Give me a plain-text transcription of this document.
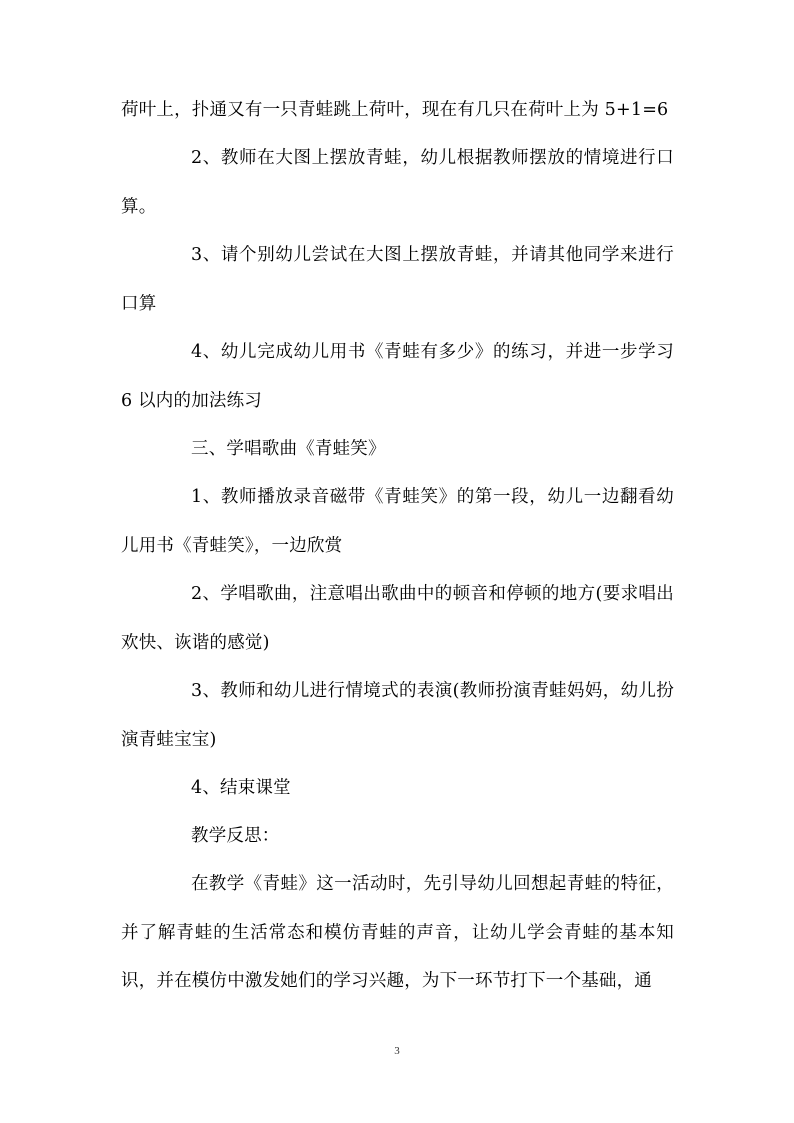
荷叶上，扑通又有一只青蛙跳上荷叶，现在有几只在荷叶上为 5+1=6

2、教师在大图上摆放青蛙，幼儿根据教师摆放的情境进行口算。

3、请个别幼儿尝试在大图上摆放青蛙，并请其他同学来进行口算

4、幼儿完成幼儿用书《青蛙有多少》的练习，并进一步学习 6 以内的加法练习

三、学唱歌曲《青蛙笑》

1、教师播放录音磁带《青蛙笑》的第一段，幼儿一边翻看幼儿用书《青蛙笑》，一边欣赏

2、学唱歌曲，注意唱出歌曲中的顿音和停顿的地方(要求唱出欢快、诙谐的感觉)

3、教师和幼儿进行情境式的表演(教师扮演青蛙妈妈，幼儿扮演青蛙宝宝)

4、结束课堂

教学反思：

在教学《青蛙》这一活动时，先引导幼儿回想起青蛙的特征，并了解青蛙的生活常态和模仿青蛙的声音，让幼儿学会青蛙的基本知识，并在模仿中激发她们的学习兴趣，为下一环节打下一个基础，通

3
